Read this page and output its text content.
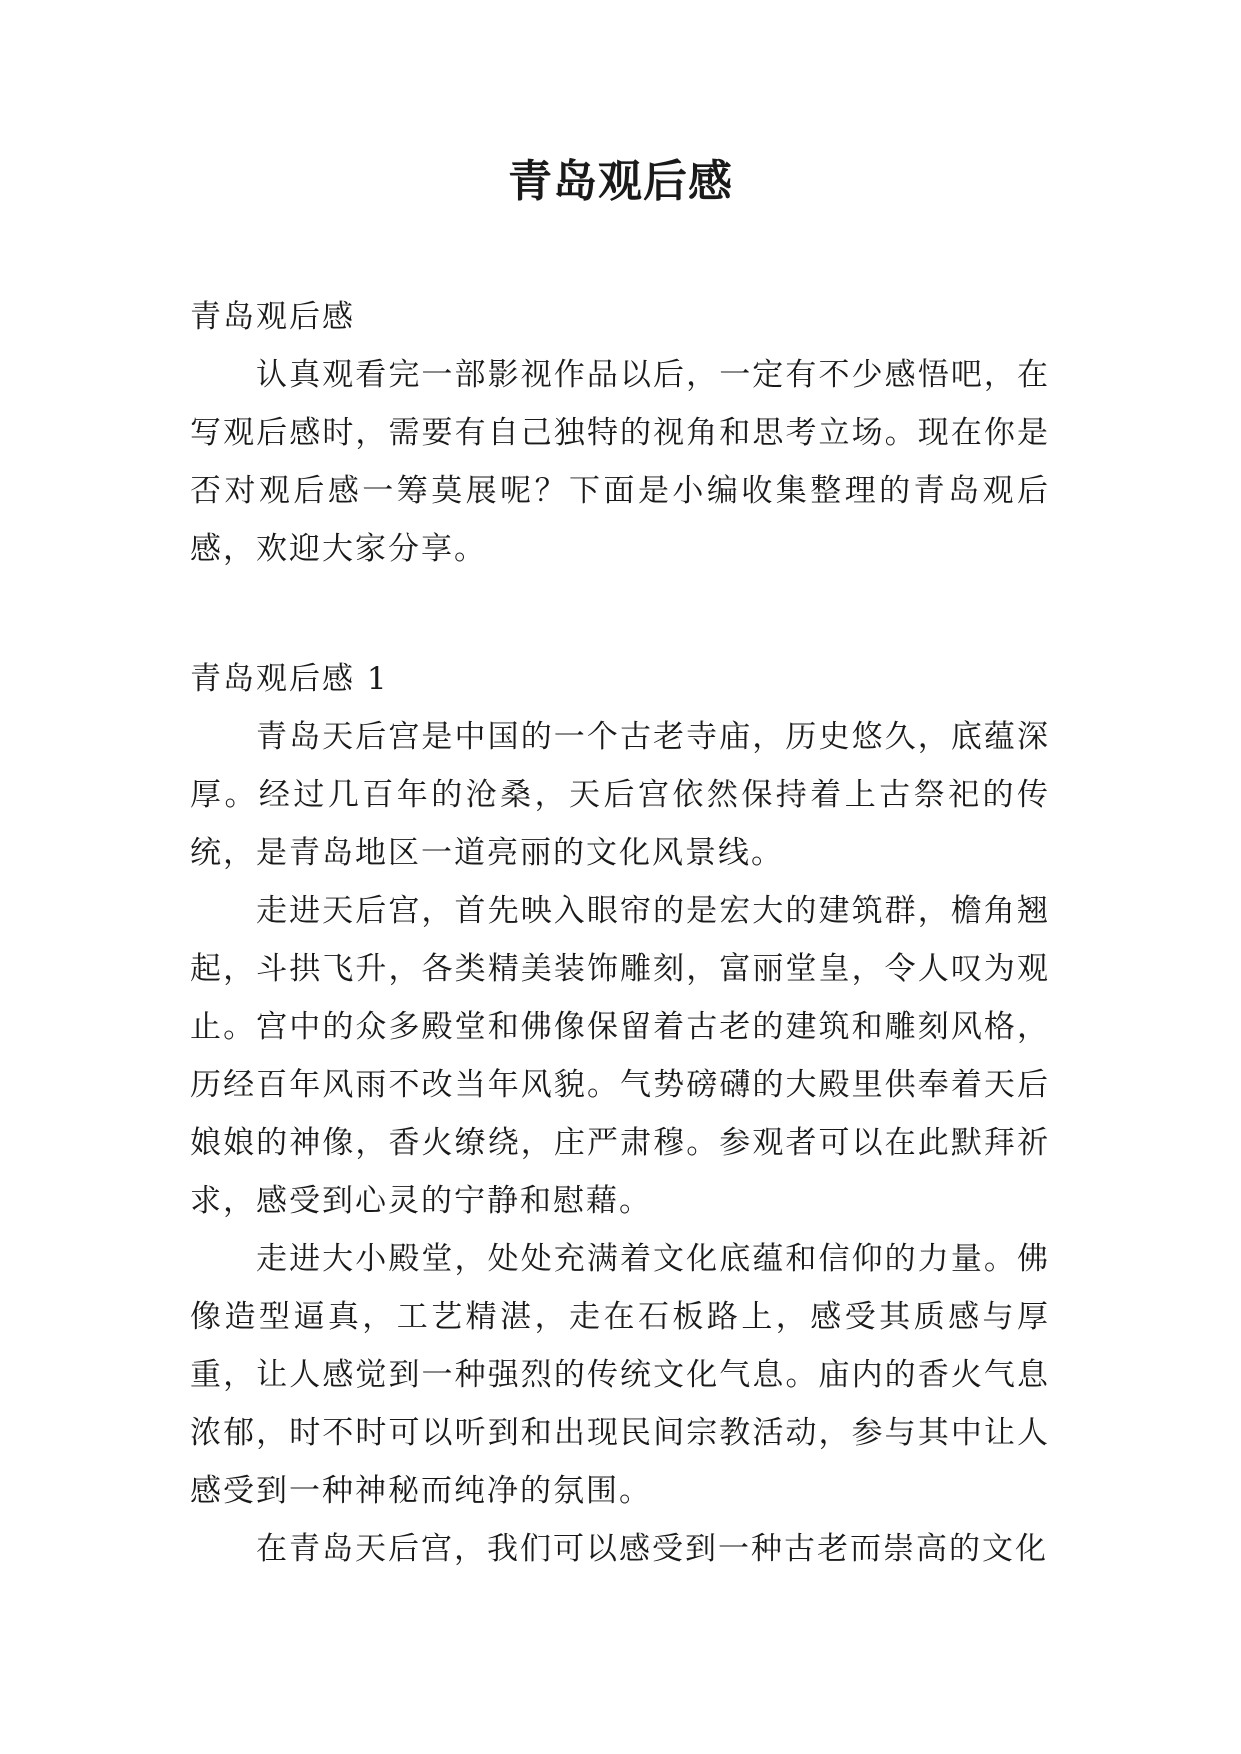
青岛观后感

青岛观后感

认真观看完一部影视作品以后，一定有不少感悟吧，在写观后感时，需要有自己独特的视角和思考立场。现在你是否对观后感一筹莫展呢？下面是小编收集整理的青岛观后感，欢迎大家分享。

青岛观后感 1

青岛天后宫是中国的一个古老寺庙，历史悠久，底蕴深厚。经过几百年的沧桑，天后宫依然保持着上古祭祀的传统，是青岛地区一道亮丽的文化风景线。

走进天后宫，首先映入眼帘的是宏大的建筑群，檐角翘起，斗拱飞升，各类精美装饰雕刻，富丽堂皇，令人叹为观止。宫中的众多殿堂和佛像保留着古老的建筑和雕刻风格，历经百年风雨不改当年风貌。气势磅礴的大殿里供奉着天后娘娘的神像，香火缭绕，庄严肃穆。参观者可以在此默拜祈求，感受到心灵的宁静和慰藉。

走进大小殿堂，处处充满着文化底蕴和信仰的力量。佛像造型逼真，工艺精湛，走在石板路上，感受其质感与厚重，让人感觉到一种强烈的传统文化气息。庙内的香火气息浓郁，时不时可以听到和出现民间宗教活动，参与其中让人感受到一种神秘而纯净的氛围。

在青岛天后宫，我们可以感受到一种古老而崇高的文化
